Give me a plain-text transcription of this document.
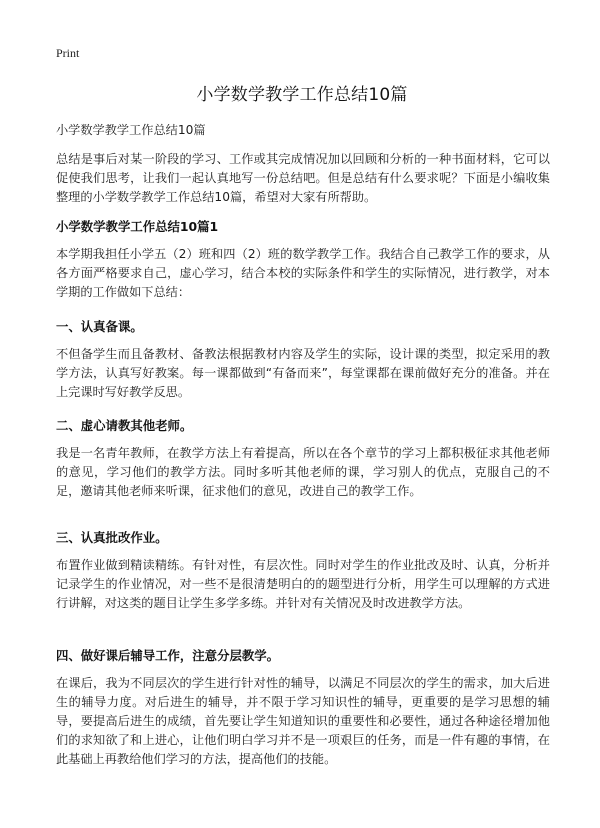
Print
小学数学教学工作总结10篇
小学数学教学工作总结10篇
总结是事后对某一阶段的学习、工作或其完成情况加以回顾和分析的一种书面材料，它可以促使我们思考，让我们一起认真地写一份总结吧。但是总结有什么要求呢？下面是小编收集整理的小学数学教学工作总结10篇，希望对大家有所帮助。
小学数学教学工作总结10篇1
本学期我担任小学五（2）班和四（2）班的数学教学工作。我结合自己教学工作的要求，从各方面严格要求自己，虚心学习，结合本校的实际条件和学生的实际情况，进行教学，对本学期的工作做如下总结：
一、认真备课。
不但备学生而且备教材、备教法根据教材内容及学生的实际，设计课的类型，拟定采用的教学方法，认真写好教案。每一课都做到“有备而来”，每堂课都在课前做好充分的准备。并在上完课时写好教学反思。
二、虚心请教其他老师。
我是一名青年教师，在教学方法上有着提高，所以在各个章节的学习上都积极征求其他老师的意见，学习他们的教学方法。同时多听其他老师的课，学习别人的优点，克服自己的不足，邀请其他老师来听课，征求他们的意见，改进自己的教学工作。
三、认真批改作业。
布置作业做到精读精练。有针对性，有层次性。同时对学生的作业批改及时、认真，分析并记录学生的作业情况，对一些不是很清楚明白的的题型进行分析，用学生可以理解的方式进行讲解，对这类的题目让学生多学多练。并针对有关情况及时改进教学方法。
四、做好课后辅导工作，注意分层教学。
在课后，我为不同层次的学生进行针对性的辅导，以满足不同层次的学生的需求，加大后进生的辅导力度。对后进生的辅导，并不限于学习知识性的辅导，更重要的是学习思想的辅导，要提高后进生的成绩，首先要让学生知道知识的重要性和必要性，通过各种途径增加他们的求知欲了和上进心，让他们明白学习并不是一项艰巨的任务，而是一件有趣的事情，在此基础上再教给他们学习的方法，提高他们的技能。
